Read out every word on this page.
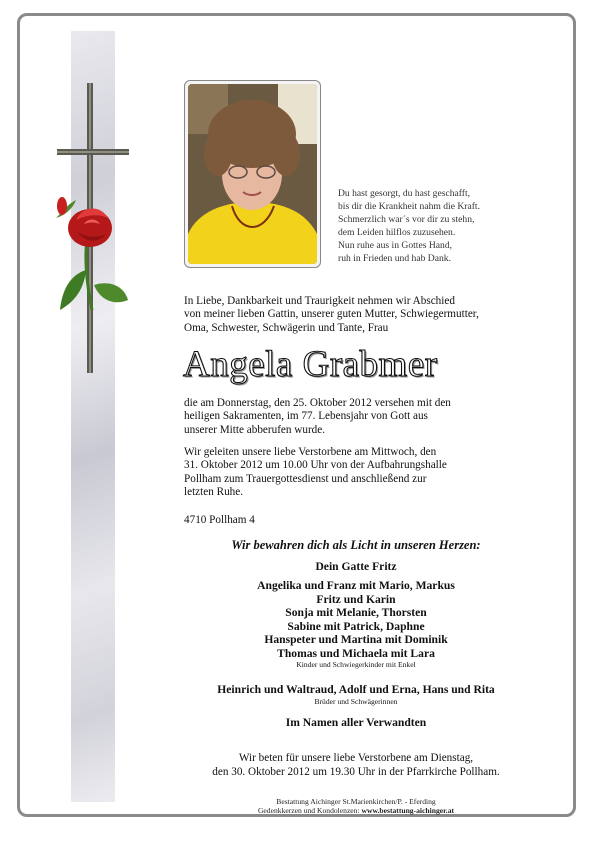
Du hast gesorgt, du hast geschafft,
bis dir die Krankheit nahm die Kraft.
Schmerzlich war´s vor dir zu stehn,
dem Leiden hilflos zuzusehen.
Nun ruhe aus in Gottes Hand,
ruh in Frieden und hab Dank.
In Liebe, Dankbarkeit und Traurigkeit nehmen wir Abschied
von meiner lieben Gattin, unserer guten Mutter, Schwiegermutter,
Oma, Schwester, Schwägerin und Tante, Frau
Angela Grabmer
die am Donnerstag, den 25. Oktober 2012 versehen mit den
heiligen Sakramenten, im 77. Lebensjahr von Gott aus
unserer Mitte abberufen wurde.
Wir geleiten unsere liebe Verstorbene am Mittwoch, den
31. Oktober 2012 um 10.00 Uhr von der Aufbahrungshalle
Pollham zum Trauergottesdienst und anschließend zur
letzten Ruhe.
4710 Pollham 4
Wir bewahren dich als Licht in unseren Herzen:
Dein Gatte Fritz
Angelika und Franz mit Mario, Markus
Fritz und Karin
Sonja mit Melanie, Thorsten
Sabine mit Patrick, Daphne
Hanspeter und Martina mit Dominik
Thomas und Michaela mit Lara
Kinder und Schwiegerkinder mit Enkel
Heinrich und Waltraud, Adolf und Erna, Hans und Rita
Brüder und Schwägerinnen
Im Namen aller Verwandten
Wir beten für unsere liebe Verstorbene am Dienstag,
den 30. Oktober 2012 um 19.30 Uhr in der Pfarrkirche Pollham.
Bestattung Aichinger St.Marienkirchen/P. - Eferding
Gedenkkerzen und Kondolenzen: www.bestattung-aichinger.at
